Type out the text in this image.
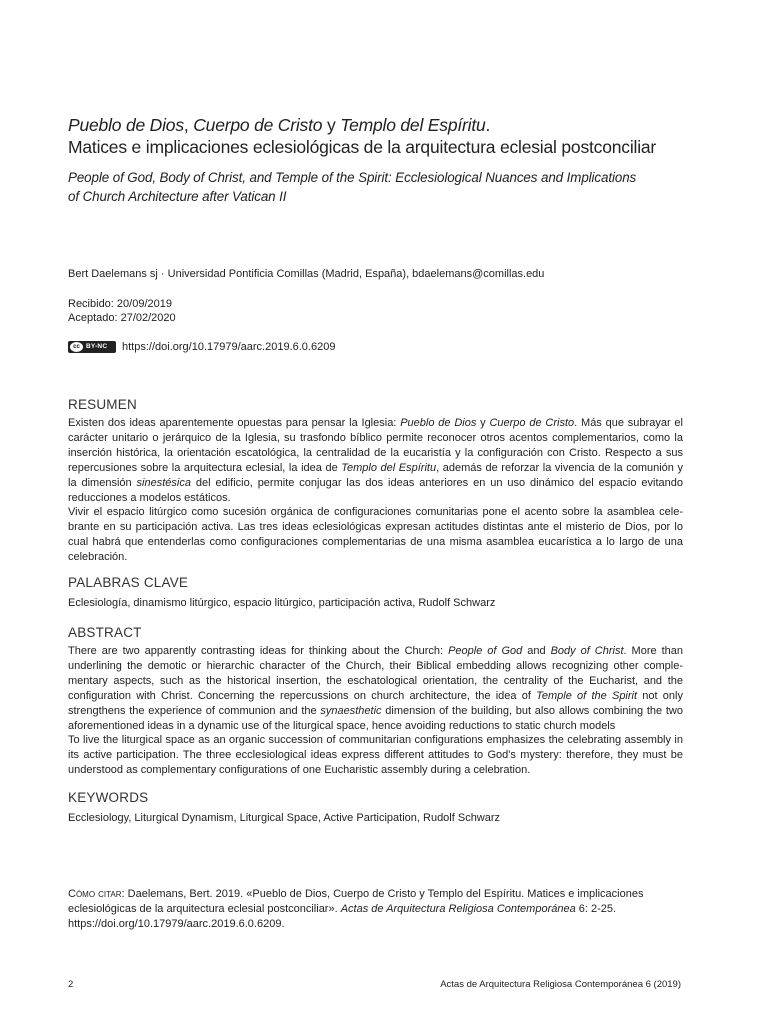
Pueblo de Dios, Cuerpo de Cristo y Templo del Espíritu.
Matices e implicaciones eclesiológicas de la arquitectura eclesial postconciliar
People of God, Body of Christ, and Temple of the Spirit: Ecclesiological Nuances and Implications
of Church Architecture after Vatican II
Bert Daelemans sj · Universidad Pontificia Comillas (Madrid, España), bdaelemans@comillas.edu
Recibido: 20/09/2019
Aceptado: 27/02/2020
cc BY-NC https://doi.org/10.17979/aarc.2019.6.0.6209
RESUMEN

Existen dos ideas aparentemente opuestas para pensar la Iglesia: Pueblo de Dios y Cuerpo de Cristo. Más que subrayar el carácter unitario o jerárquico de la Iglesia, su trasfondo bíblico permite reconocer otros acentos complementarios, como la inserción histórica, la orientación escatológica, la centralidad de la eucaristía y la configuración con Cristo. Respecto a sus repercusiones sobre la arquitectura eclesial, la idea de Templo del Espíritu, además de reforzar la vivencia de la comunión y la dimensión sinestésica del edificio, permite conjugar las dos ideas anteriores en un uso dinámico del espacio evitando reducciones a modelos estáticos.

Vivir el espacio litúrgico como sucesión orgánica de configuraciones comunitarias pone el acento sobre la asamblea cele-brante en su participación activa. Las tres ideas eclesiológicas expresan actitudes distintas ante el misterio de Dios, por lo cual habrá que entenderlas como configuraciones complementarias de una misma asamblea eucarística a lo largo de una celebración.

PALABRAS CLAVE
Eclesiología, dinamismo litúrgico, espacio litúrgico, participación activa, Rudolf Schwarz
ABSTRACT

There are two apparently contrasting ideas for thinking about the Church: People of God and Body of Christ. More than underlining the demotic or hierarchic character of the Church, their Biblical embedding allows recognizing other comple-mentary aspects, such as the historical insertion, the eschatological orientation, the centrality of the Eucharist, and the configuration with Christ. Concerning the repercussions on church architecture, the idea of Temple of the Spirit not only strengthens the experience of communion and the synaesthetic dimension of the building, but also allows combining the two aforementioned ideas in a dynamic use of the liturgical space, hence avoiding reductions to static church models

To live the liturgical space as an organic succession of communitarian configurations emphasizes the celebrating assembly in its active participation. The three ecclesiological ideas express different attitudes to God's mystery: therefore, they must be understood as complementary configurations of one Eucharistic assembly during a celebration.

KEYWORDS
Ecclesiology, Liturgical Dynamism, Liturgical Space, Active Participation, Rudolf Schwarz
Cómo citar: Daelemans, Bert. 2019. «Pueblo de Dios, Cuerpo de Cristo y Templo del Espíritu. Matices e implicaciones eclesiológicas de la arquitectura eclesial postconciliar». Actas de Arquitectura Religiosa Contemporánea 6: 2-25.
https://doi.org/10.17979/aarc.2019.6.0.6209.
2	Actas de Arquitectura Religiosa Contemporánea 6 (2019)
